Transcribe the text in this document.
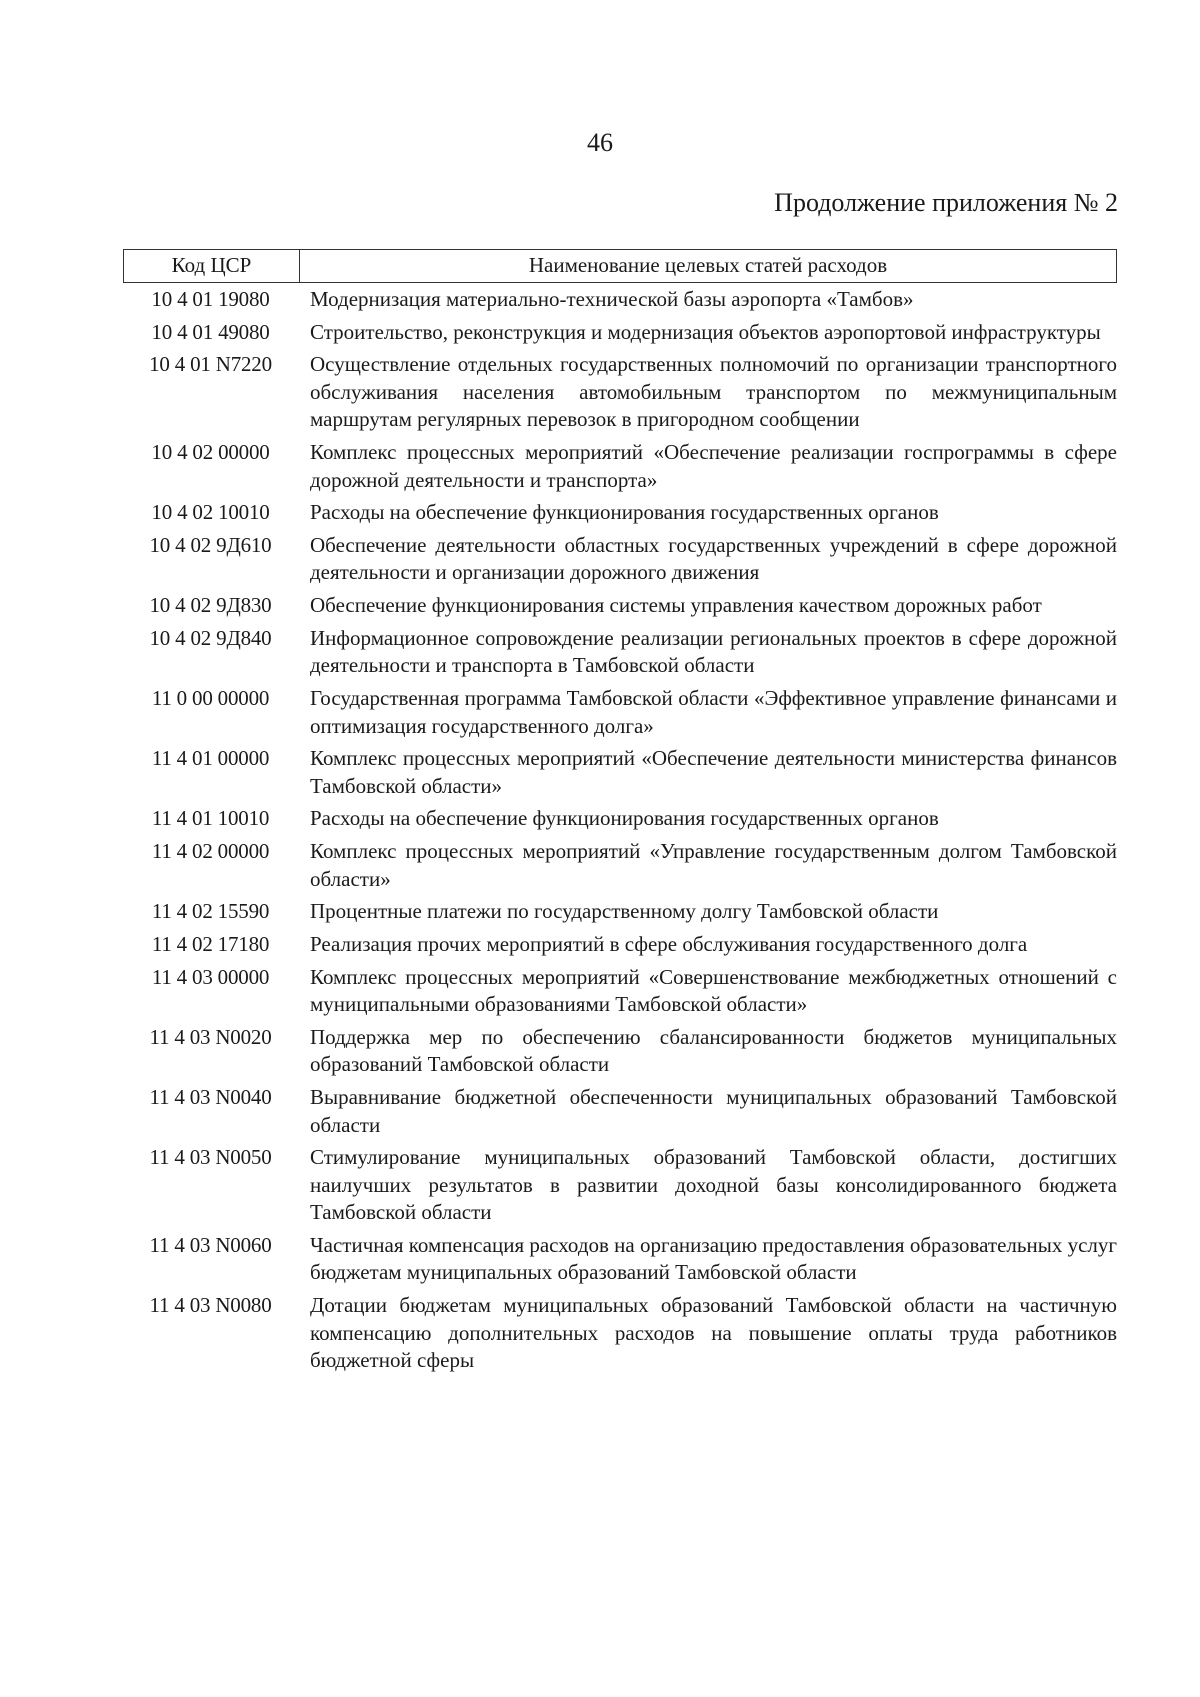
46
Продолжение приложения № 2
Код ЦСР	Наименование целевых статей расходов
10 4 01 19080	Модернизация материально-технической базы аэропорта «Тамбов»
10 4 01 49080	Строительство, реконструкция и модернизация объектов аэропортовой инфраструктуры
10 4 01 N7220	Осуществление отдельных государственных полномочий по организации транспортного обслуживания населения автомобильным транспортом по межмуниципальным маршрутам регулярных перевозок в пригородном сообщении
10 4 02 00000	Комплекс процессных мероприятий «Обеспечение реализации госпрограммы в сфере дорожной деятельности и транспорта»
10 4 02 10010	Расходы на обеспечение функционирования государственных органов
10 4 02 9Д610	Обеспечение деятельности областных государственных учреждений в сфере дорожной деятельности и организации дорожного движения
10 4 02 9Д830	Обеспечение функционирования системы управления качеством дорожных работ
10 4 02 9Д840	Информационное сопровождение реализации региональных проектов в сфере дорожной деятельности и транспорта в Тамбовской области
11 0 00 00000	Государственная программа Тамбовской области «Эффективное управление финансами и оптимизация государственного долга»
11 4 01 00000	Комплекс процессных мероприятий «Обеспечение деятельности министерства финансов Тамбовской области»
11 4 01 10010	Расходы на обеспечение функционирования государственных органов
11 4 02 00000	Комплекс процессных мероприятий «Управление государственным долгом Тамбовской области»
11 4 02 15590	Процентные платежи по государственному долгу Тамбовской области
11 4 02 17180	Реализация прочих мероприятий в сфере обслуживания государственного долга
11 4 03 00000	Комплекс процессных мероприятий «Совершенствование межбюджетных отношений с муниципальными образованиями Тамбовской области»
11 4 03 N0020	Поддержка мер по обеспечению сбалансированности бюджетов муниципальных образований Тамбовской области
11 4 03 N0040	Выравнивание бюджетной обеспеченности муниципальных образований Тамбовской области
11 4 03 N0050	Стимулирование муниципальных образований Тамбовской области, достигших наилучших результатов в развитии доходной базы консолидированного бюджета Тамбовской области
11 4 03 N0060	Частичная компенсация расходов на организацию предоставления образовательных услуг бюджетам муниципальных образований Тамбовской области
11 4 03 N0080	Дотации бюджетам муниципальных образований Тамбовской области на частичную компенсацию дополнительных расходов на повышение оплаты труда работников бюджетной сферы
